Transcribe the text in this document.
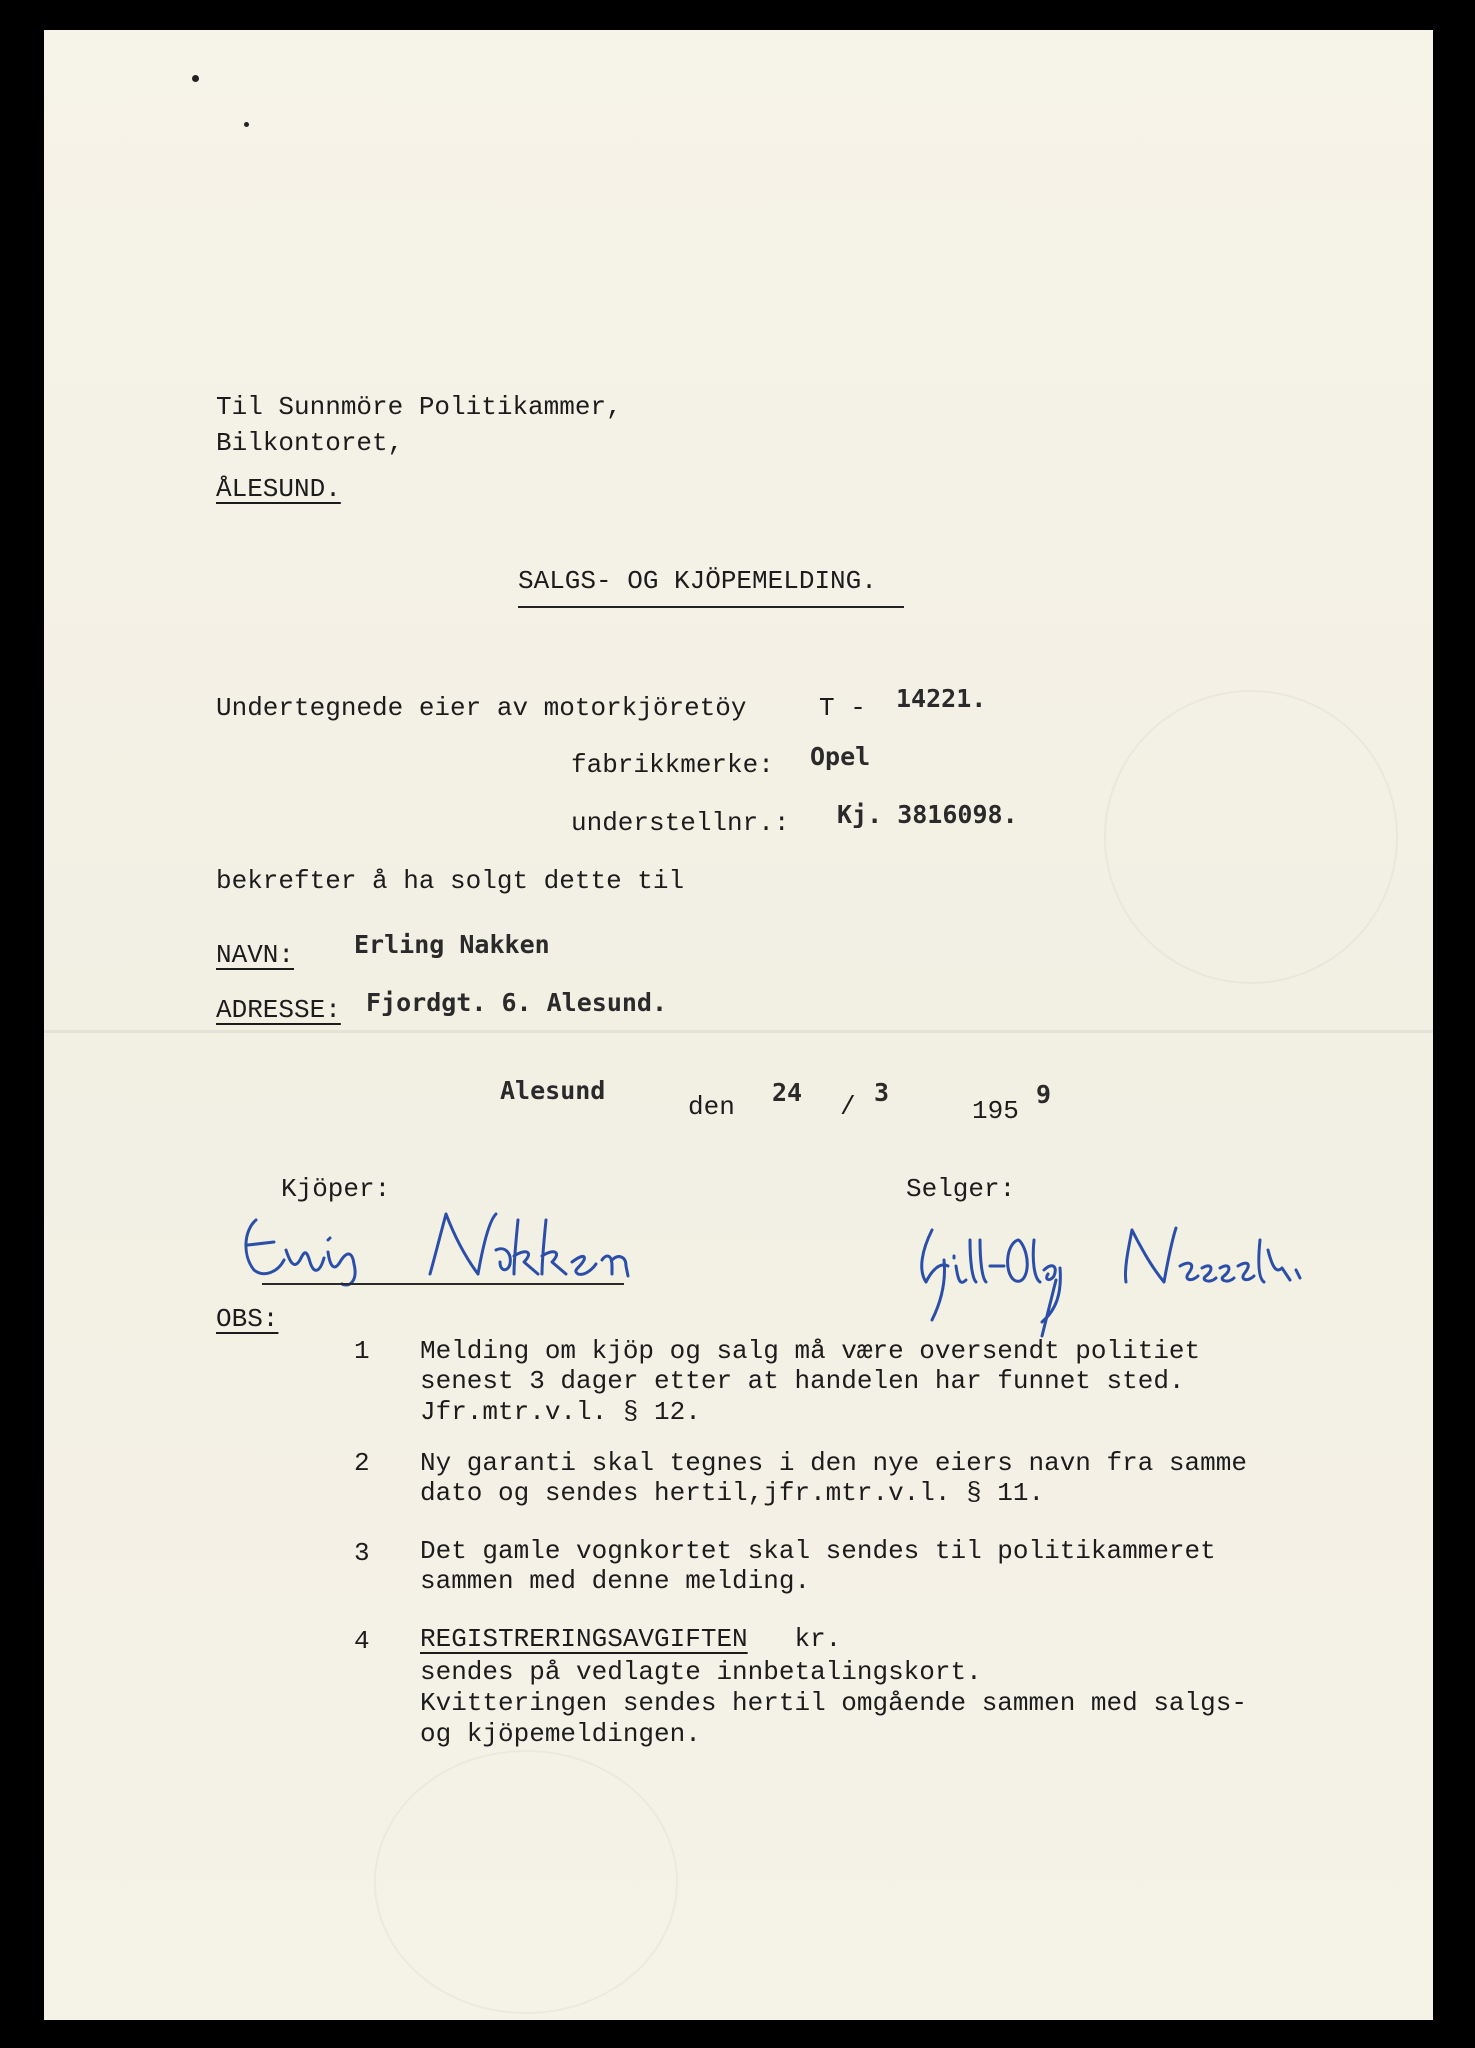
Til Sunnmöre Politikammer,
Bilkontoret,
ÅLESUND.
SALGS- OG KJÖPEMELDING.
Undertegnede eier av motorkjöretöy	T - 14221.
fabrikkmerke: Opel
understellnr.: Kj. 3816098.
bekrefter å ha solgt dette til
NAVN: Erling Nakken
ADRESSE: Fjordgt. 6. Alesund.
Alesund
den 24 / 3
195
9
Kjöper:	Selger:
OBS:
1 Melding om kjöp og salg må være oversendt politiet
senest 3 dager etter at handelen har funnet sted.
Jfr.mtr.v.l. § 12.
2 Ny garanti skal tegnes i den nye eiers navn fra samme
dato og sendes hertil,jfr.mtr.v.l. § 11.
3 Det gamle vognkortet skal sendes til politikammeret
sammen med denne melding.
4 REGISTRERINGSAVGIFTEN kr.
sendes på vedlagte innbetalingskort.
Kvitteringen sendes hertil omgående sammen med salgs-
og kjöpemeldingen.
